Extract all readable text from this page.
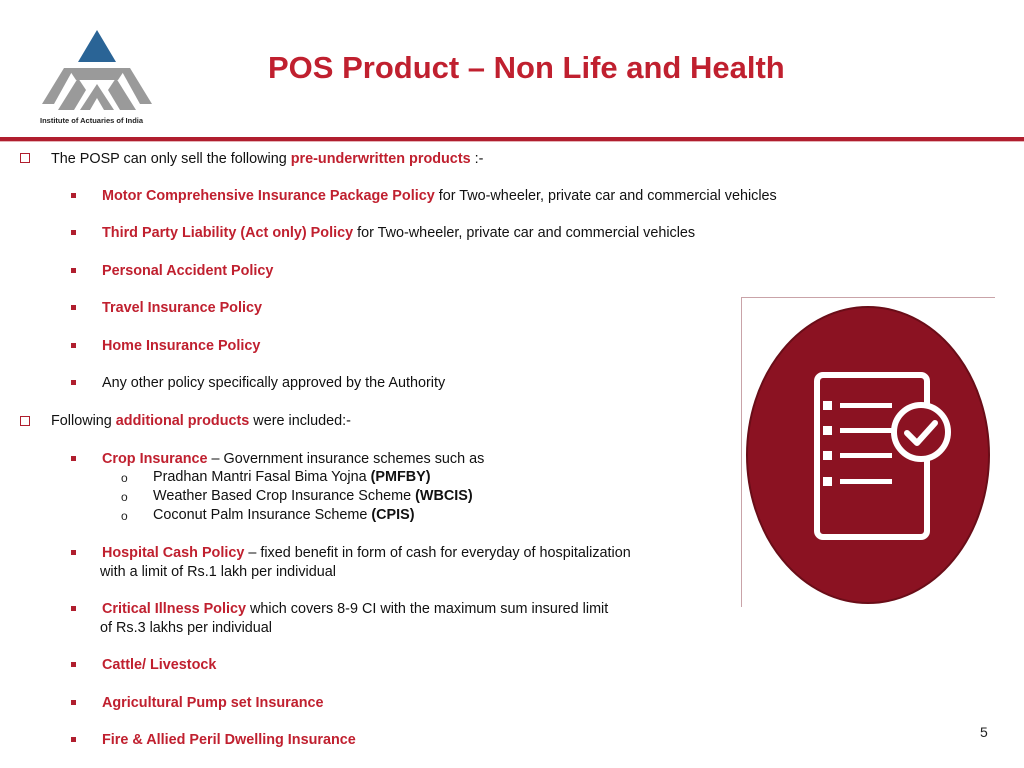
Institute of Actuaries of India
POS Product – Non Life and Health
The POSP can only sell the following pre-underwritten products :-
Motor Comprehensive Insurance Package Policy for Two-wheeler, private car and commercial vehicles
Third Party Liability (Act only) Policy for Two-wheeler, private car and commercial vehicles
Personal Accident Policy
Travel Insurance Policy
Home Insurance Policy
Any other policy specifically approved by the Authority
Following additional products were included:-
Crop Insurance – Government insurance schemes such as
o Pradhan Mantri Fasal Bima Yojna (PMFBY)
o Weather Based Crop Insurance Scheme (WBCIS)
o Coconut Palm Insurance Scheme (CPIS)
Hospital Cash Policy – fixed benefit in form of cash for everyday of hospitalization
with a limit of Rs.1 lakh per individual
Critical Illness Policy which covers 8-9 CI with the maximum sum insured limit
of Rs.3 lakhs per individual
Cattle/ Livestock
Agricultural Pump set Insurance
Fire & Allied Peril Dwelling Insurance	5
